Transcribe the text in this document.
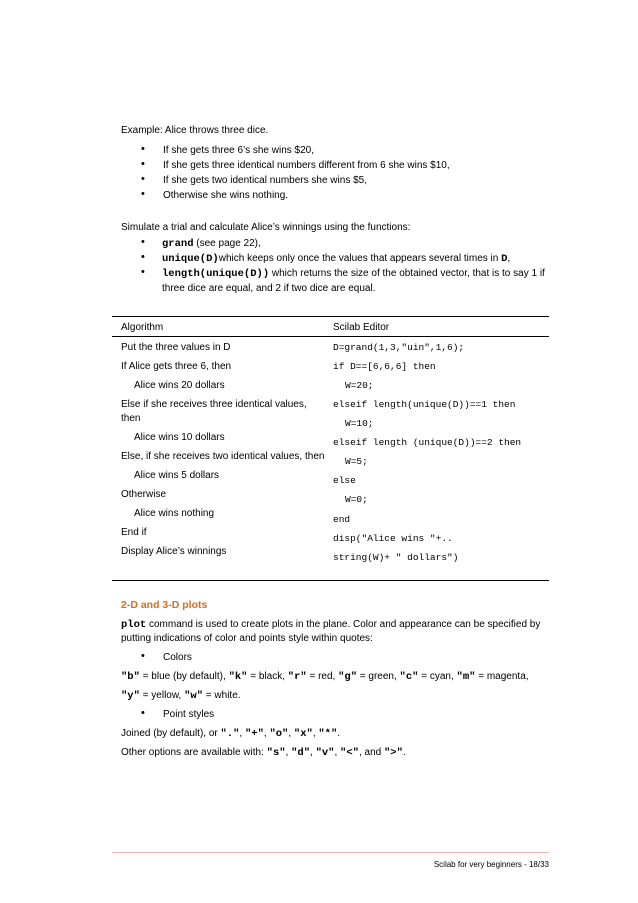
Example: Alice throws three dice.
• If she gets three 6’s she wins $20,
• If she gets three identical numbers different from 6 she wins $10,
• If she gets two identical numbers she wins $5,
• Otherwise she wins nothing.
Simulate a trial and calculate Alice’s winnings using the functions:
• grand (see page 22),
• unique(D)which keeps only once the values that appears several times in D,
• length(unique(D)) which returns the size of the obtained vector, that is to say 1 if
three dice are equal, and 2 if two dice are equal.
Algorithm	Scilab Editor
Put the three values in D
If Alice gets three 6, then
Alice wins 20 dollars
Else if she receives three identical values,
then
Alice wins 10 dollars
Else, if she receives two identical values, then
Alice wins 5 dollars
Otherwise
Alice wins nothing
End if
Display Alice’s winnings
D=grand(1,3,"uin",1,6);
if D==[6,6,6] then
W=20;
elseif length(unique(D))==1 then
W=10;
elseif length (unique(D))==2 then
W=5;
else
W=0;
end
disp("Alice wins "+..
string(W)+ " dollars")
2-D and 3-D plots
plot command is used to create plots in the plane. Color and appearance can be specified by
putting indications of color and points style within quotes:
• Colors
"b" = blue (by default), "k" = black, "r" = red, "g" = green, "c" = cyan, "m" = magenta,
"y" = yellow, "w" = white.
• Point styles
Joined (by default), or ".", "+", "o", "x", "*".
Other options are available with: "s", "d", "v", "<", and ">".
Scilab for very beginners - 18/33
